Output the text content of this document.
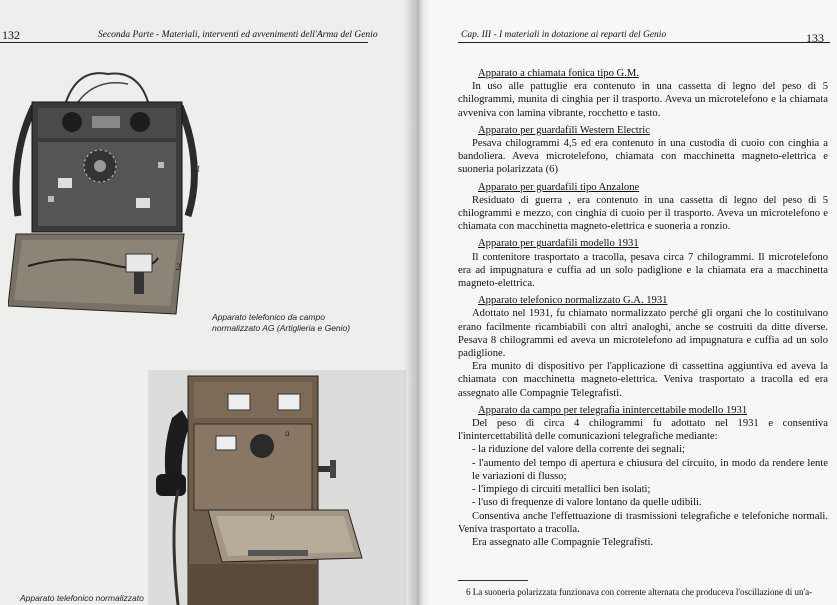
132	Seconda Parte - Materiali, interventi ed avvenimenti dell'Arma del Genio
1
2
Apparato telefonico da campo
normalizzato AG (Artiglieria e Genio)
a
b
Apparato telefonico normalizzato
Cap. III - I materiali in dotazione ai reparti del Genio	133
Apparato a chiamata fonica tipo G.M.
In uso alle pattuglie era contenuto in una cassetta di legno del peso di 5 chilogrammi, munita di cinghia per il trasporto. Aveva un microtelefono e la chiamata avveniva con lamina vibrante, rocchetto e tasto.
Apparato per guardafili Western Electric
Pesava chilogrammi 4,5 ed era contenuto in una custodia di cuoio con cinghia a bandoliera. Aveva microtelefono, chiamata con macchinetta magneto-elettrica e suoneria polarizzata (6)
Apparato per guardafili tipo Anzalone
Residuato di guerra , era contenuto in una cassetta di legno del peso di 5 chilogrammi e mezzo, con cinghia di cuoio per il trasporto. Aveva un microtelefono e chiamata con macchinetta magneto-elettrica e suoneria a ronzio.
Apparato per guardafili modello 1931
Il contenitore trasportato a tracolla, pesava circa 7 chilogrammi. Il microtelefono era ad impugnatura e cuffia ad un solo padiglione e la chiamata era a macchinetta magneto-elettrica.
Apparato telefonico normalizzato G.A. 1931
Adottato nel 1931, fu chiamato normalizzato perché gli organi che lo costituivano erano facilmente ricambiabili con altri analoghi, anche se costruiti da ditte diverse. Pesava 8 chilogrammi ed aveva un microtelefono ad impugnatura e cuffia ad un solo padiglione.
Era munito di dispositivo per l'applicazione di cassettina aggiuntiva ed aveva la chiamata con macchinetta magneto-elettrica. Veniva trasportato a tracolla ed era assegnato alle Compagnie Telegrafisti.
Apparato da campo per telegrafia inintercettabile modello 1931
Del peso di circa 4 chilogrammi fu adottato nel 1931 e consentiva l'inintercettabilità delle comunicazioni telegrafiche mediante:
- la riduzione del valore della corrente dei segnali;
- l'aumento del tempo di apertura e chiusura del circuito, in modo da rendere lente le variazioni di flusso;
- l'impiego di circuiti metallici ben isolati;
- l'uso di frequenze di valore lontano da quelle udibili.
Consentiva anche l'effettuazione di trasmissioni telegrafiche e telefoniche normali. Veniva trasportato a tracolla.
Era assegnato alle Compagnie Telegrafisti.
6 La suoneria polarizzata funzionava con corrente alternata che produceva l'oscillazione di un'a-
